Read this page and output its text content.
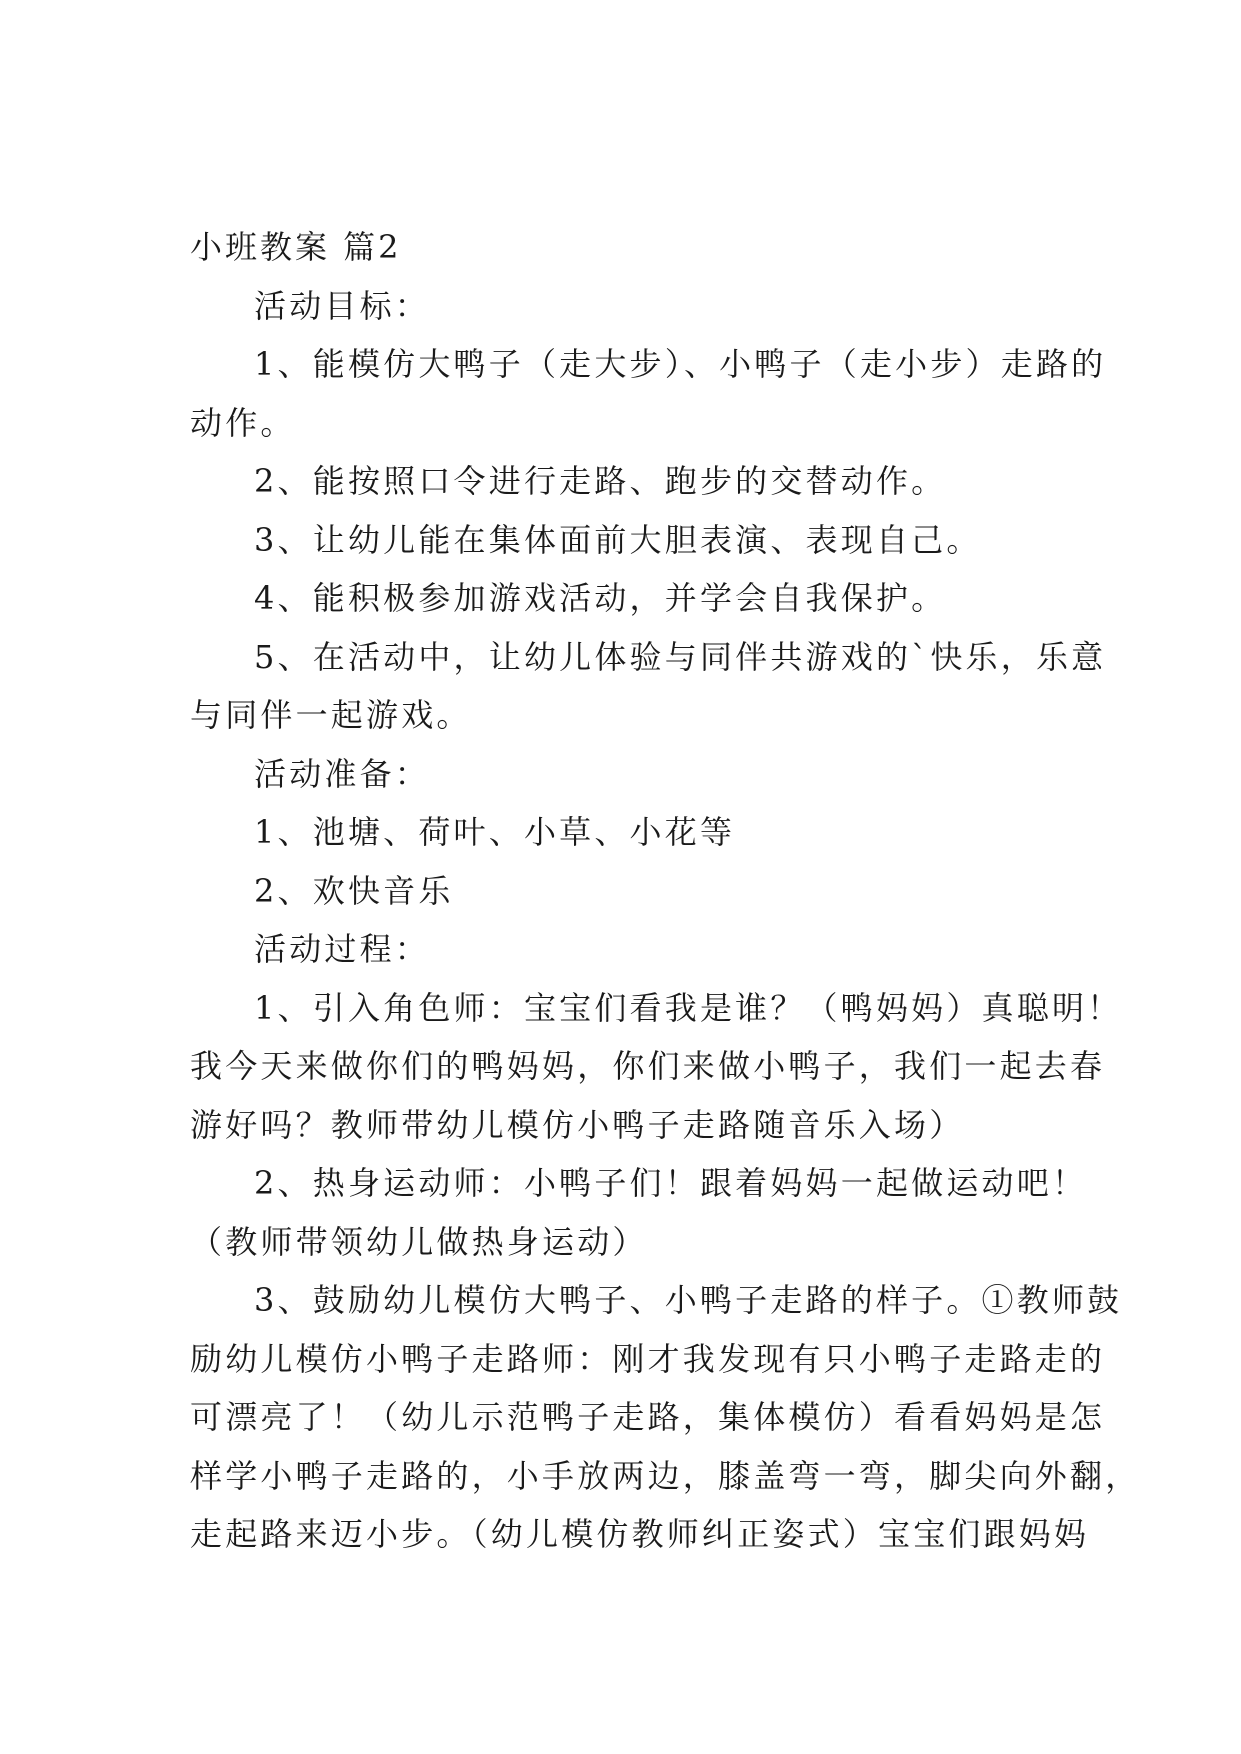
小班教案 篇2
活动目标：
1、能模仿大鸭子（走大步）、小鸭子（走小步）走路的
动作。
2、能按照口令进行走路、跑步的交替动作。
3、让幼儿能在集体面前大胆表演、表现自己。
4、能积极参加游戏活动，并学会自我保护。
5、在活动中，让幼儿体验与同伴共游戏的`快乐，乐意
与同伴一起游戏。
活动准备：
1、池塘、荷叶、小草、小花等
2、欢快音乐
活动过程：
1、引入角色师：宝宝们看我是谁？（鸭妈妈）真聪明！
我今天来做你们的鸭妈妈，你们来做小鸭子，我们一起去春
游好吗？教师带幼儿模仿小鸭子走路随音乐入场）
2、热身运动师：小鸭子们！跟着妈妈一起做运动吧！
（教师带领幼儿做热身运动）
3、鼓励幼儿模仿大鸭子、小鸭子走路的样子。①教师鼓
励幼儿模仿小鸭子走路师：刚才我发现有只小鸭子走路走的
可漂亮了！（幼儿示范鸭子走路，集体模仿）看看妈妈是怎
样学小鸭子走路的，小手放两边，膝盖弯一弯，脚尖向外翻，
走起路来迈小步。（幼儿模仿教师纠正姿式）宝宝们跟妈妈
